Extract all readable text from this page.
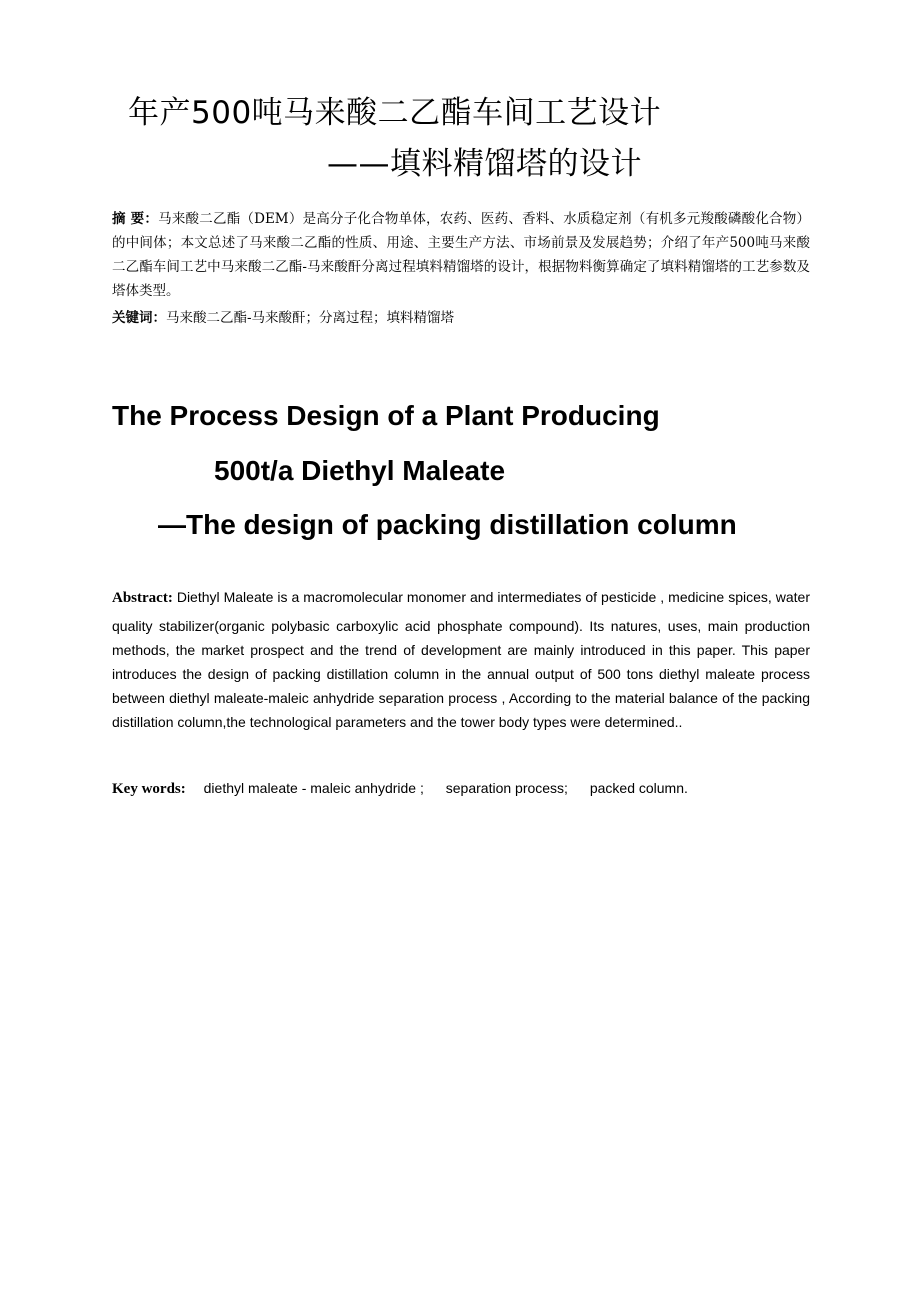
年产500吨马来酸二乙酯车间工艺设计
——填料精馏塔的设计
摘 要：马来酸二乙酯（DEM）是高分子化合物单体，农药、医药、香料、水质稳定剂（有机多元羧酸磷酸化合物）的中间体；本文总述了马来酸二乙酯的性质、用途、主要生产方法、市场前景及发展趋势；介绍了年产500吨马来酸二乙酯车间工艺中马来酸二乙酯-马来酸酐分离过程填料精馏塔的设计，根据物料衡算确定了填料精馏塔的工艺参数及塔体类型。
关键词：马来酸二乙酯-马来酸酐；分离过程；填料精馏塔
The Process Design of a Plant Producing
500t/a Diethyl Maleate
—The design of packing distillation column
Abstract: Diethyl Maleate is a macromolecular monomer and intermediates of pesticide , medicine spices, water quality stabilizer(organic polybasic carboxylic acid phosphate compound). Its natures, uses, main production methods, the market prospect and the trend of development are mainly introduced in this paper. This paper introduces the design of packing distillation column in the annual output of 500 tons diethyl maleate process between diethyl maleate-maleic anhydride separation process , According to the material balance of the packing distillation column,the technological parameters and the tower body types were determined..
Key words: diethyl maleate - maleic anhydride ; separation process; packed column.
